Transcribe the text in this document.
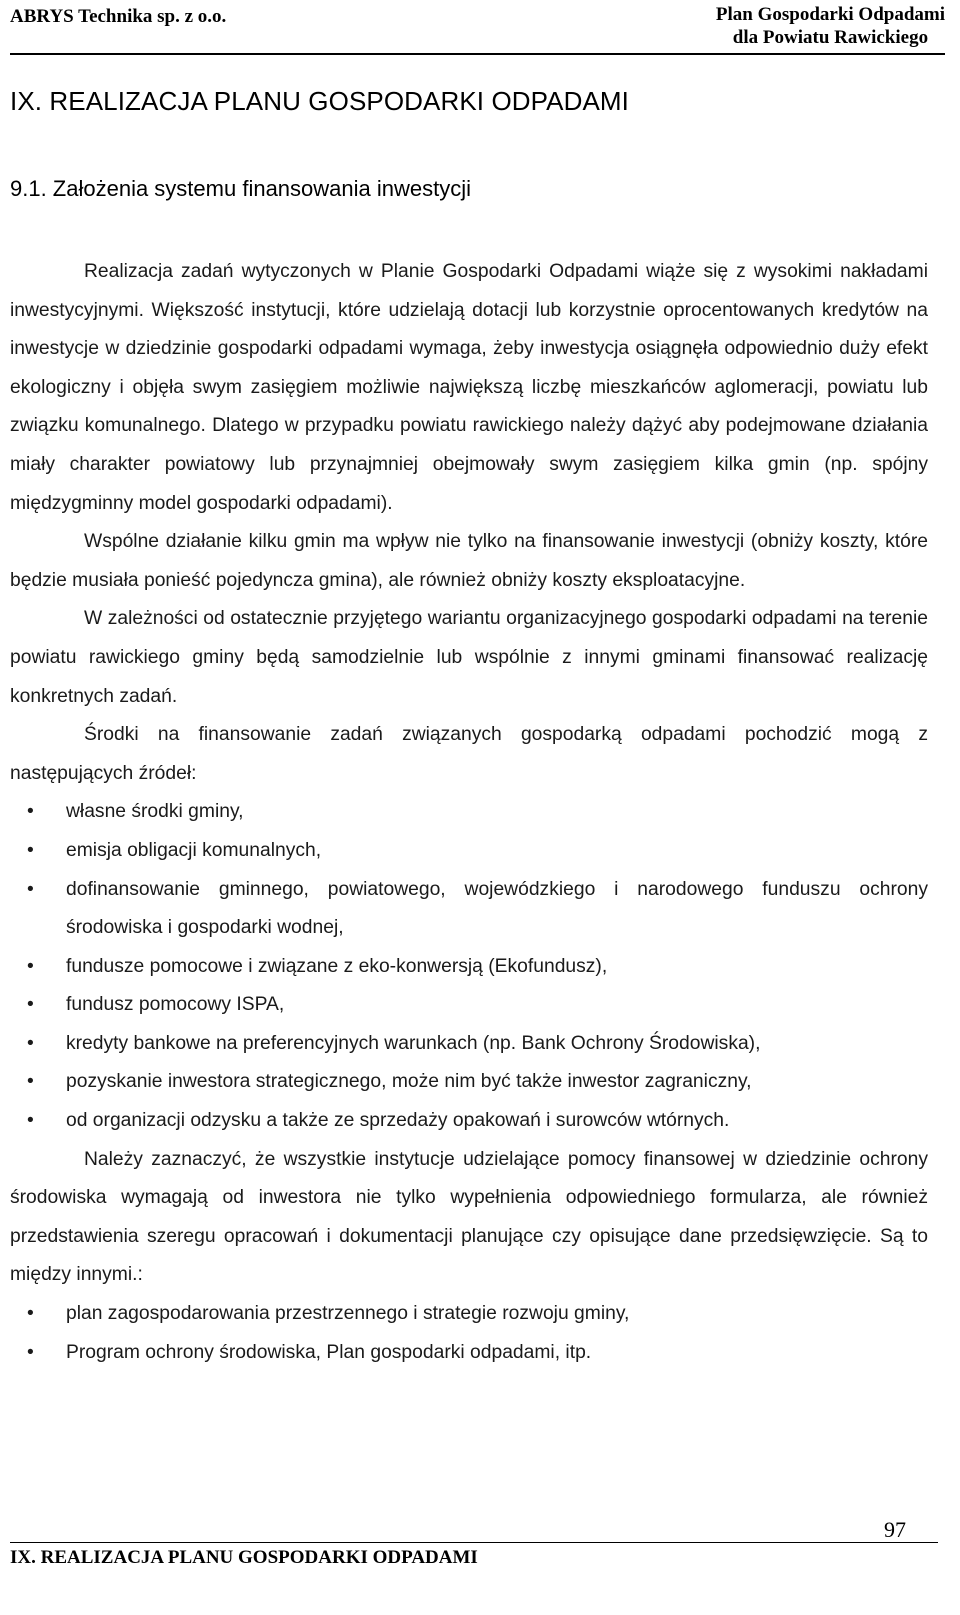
ABRYS Technika sp. z o.o.	Plan Gospodarki Odpadami
dla Powiatu Rawickiego
IX. REALIZACJA PLANU GOSPODARKI ODPADAMI
9.1. Założenia systemu finansowania inwestycji

Realizacja zadań wytyczonych w Planie Gospodarki Odpadami wiąże się z wysokimi nakładami inwestycyjnymi. Większość instytucji, które udzielają dotacji lub korzystnie oprocentowanych kredytów na inwestycje w dziedzinie gospodarki odpadami wymaga, żeby inwestycja osiągnęła odpowiednio duży efekt ekologiczny i objęła swym zasięgiem możliwie największą liczbę mieszkańców aglomeracji, powiatu lub związku komunalnego. Dlatego w przypadku powiatu rawickiego należy dążyć aby podejmowane działania miały charakter powiatowy lub przynajmniej obejmowały swym zasięgiem kilka gmin (np. spójny międzygminny model gospodarki odpadami).

Wspólne działanie kilku gmin ma wpływ nie tylko na finansowanie inwestycji (obniży koszty, które będzie musiała ponieść pojedyncza gmina), ale również obniży koszty eksploatacyjne.

W zależności od ostatecznie przyjętego wariantu organizacyjnego gospodarki odpadami na terenie powiatu rawickiego gminy będą samodzielnie lub wspólnie z innymi gminami finansować realizację konkretnych zadań.

Środki na finansowanie zadań związanych gospodarką odpadami pochodzić mogą z następujących źródeł:

• własne środki gminy,
• emisja obligacji komunalnych,
• dofinansowanie gminnego, powiatowego, wojewódzkiego i narodowego funduszu ochrony środowiska i gospodarki wodnej,
• fundusze pomocowe i związane z eko-konwersją (Ekofundusz),
• fundusz pomocowy ISPA,
• kredyty bankowe na preferencyjnych warunkach (np. Bank Ochrony Środowiska),
• pozyskanie inwestora strategicznego, może nim być także inwestor zagraniczny,
• od organizacji odzysku a także ze sprzedaży opakowań i surowców wtórnych.

Należy zaznaczyć, że wszystkie instytucje udzielające pomocy finansowej w dziedzinie ochrony środowiska wymagają od inwestora nie tylko wypełnienia odpowiedniego formularza, ale również przedstawienia szeregu opracowań i dokumentacji planujące czy opisujące dane przedsięwzięcie. Są to między innymi.:

• plan zagospodarowania przestrzennego i strategie rozwoju gminy,
• Program ochrony środowiska, Plan gospodarki odpadami, itp.
97
IX. REALIZACJA PLANU GOSPODARKI ODPADAMI
